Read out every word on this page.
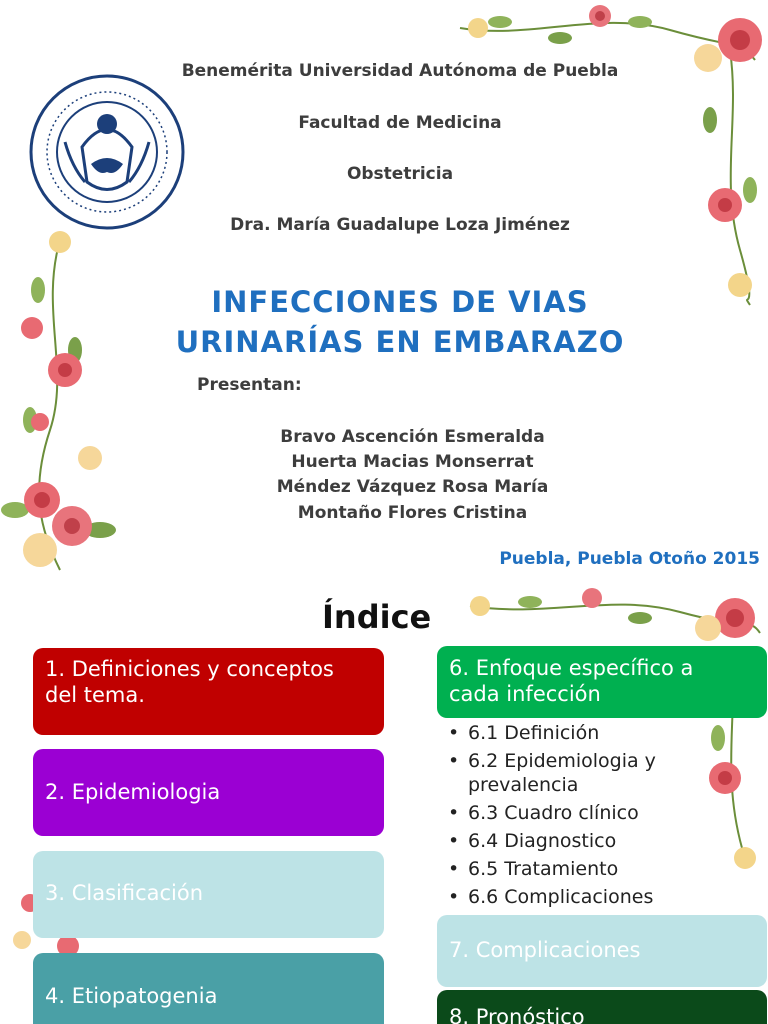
Benemérita Universidad Autónoma de Puebla
Facultad de Medicina
Obstetricia
Dra. María Guadalupe Loza Jiménez
INFECCIONES DE VIAS
URINARÍAS EN EMBARAZO
Presentan:
Bravo Ascención Esmeralda
Huerta Macias Monserrat
Méndez Vázquez Rosa María
Montaño Flores Cristina
Puebla, Puebla Otoño 2015
Índice
1. Definiciones y conceptos
del tema.
2. Epidemiologia
3. Clasificación
4. Etiopatogenia
6. Enfoque específico a
cada infección
• 6.1 Definición
• 6.2 Epidemiologia y prevalencia
• 6.3 Cuadro clínico
• 6.4 Diagnostico
• 6.5 Tratamiento
• 6.6 Complicaciones
7. Complicaciones
8. Pronóstico
